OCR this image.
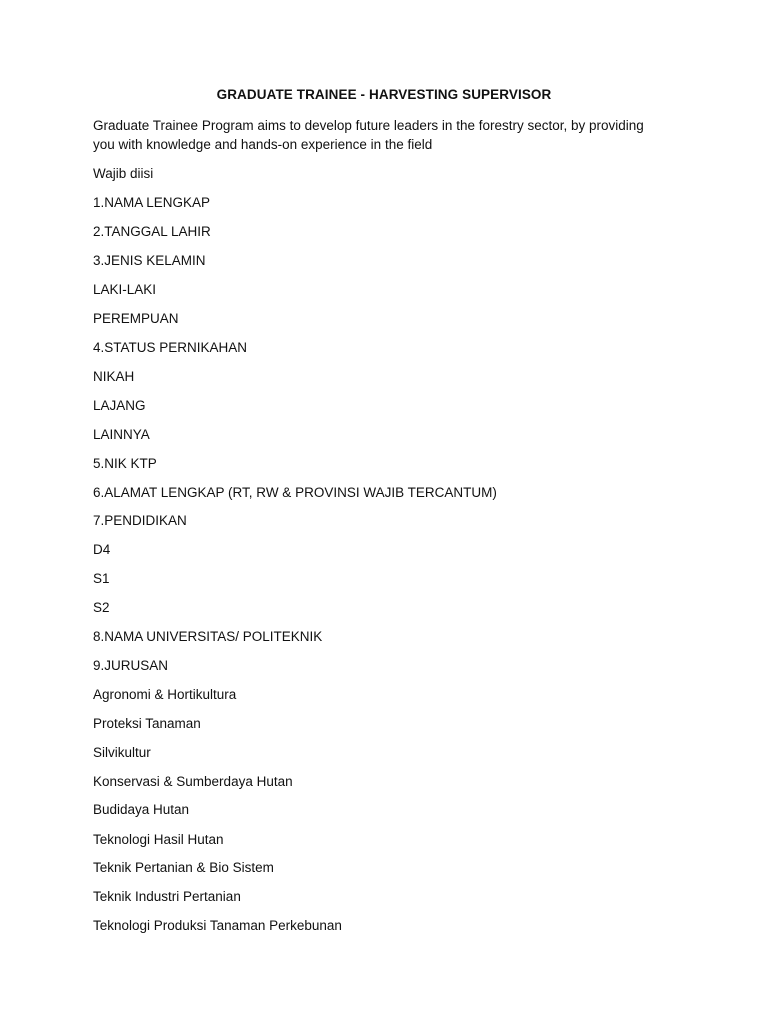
GRADUATE TRAINEE - HARVESTING SUPERVISOR
Graduate Trainee Program aims to develop future leaders in the forestry sector, by providing
you with knowledge and hands-on experience in the field
Wajib diisi
1.NAMA LENGKAP
2.TANGGAL LAHIR
3.JENIS KELAMIN
LAKI-LAKI
PEREMPUAN
4.STATUS PERNIKAHAN
NIKAH
LAJANG
LAINNYA
5.NIK KTP
6.ALAMAT LENGKAP (RT, RW & PROVINSI WAJIB TERCANTUM)
7.PENDIDIKAN
D4
S1
S2
8.NAMA UNIVERSITAS/ POLITEKNIK
9.JURUSAN
Agronomi & Hortikultura
Proteksi Tanaman
Silvikultur
Konservasi & Sumberdaya Hutan
Budidaya Hutan
Teknologi Hasil Hutan
Teknik Pertanian & Bio Sistem
Teknik Industri Pertanian
Teknologi Produksi Tanaman Perkebunan
